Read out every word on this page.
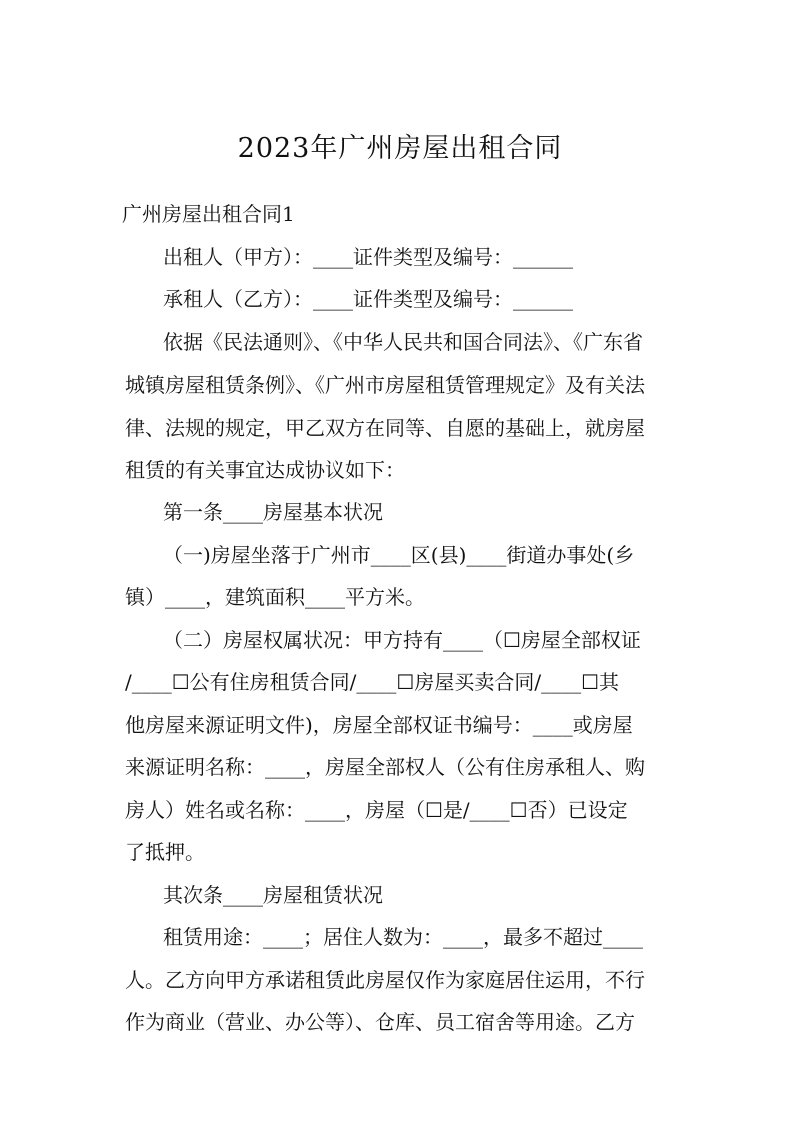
2023年广州房屋出租合同
广州房屋出租合同1
出租人（甲方）：____证件类型及编号：______
承租人（乙方）：____证件类型及编号：______
依据《民法通则》、《中华人民共和国合同法》、《广东省
城镇房屋租赁条例》、《广州市房屋租赁管理规定》及有关法
律、法规的规定，甲乙双方在同等、自愿的基础上，就房屋
租赁的有关事宜达成协议如下：
第一条____房屋基本状况
（一)房屋坐落于广州市____区(县)____街道办事处(乡
镇）____，建筑面积____平方米。
（二）房屋权属状况：甲方持有____（☐房屋全部权证
/____☐公有住房租赁合同/____☐房屋买卖合同/____☐其
他房屋来源证明文件)，房屋全部权证书编号：____或房屋
来源证明名称：____，房屋全部权人（公有住房承租人、购
房人）姓名或名称：____，房屋（☐是/____☐否）已设定
了抵押。
其次条____房屋租赁状况
租赁用途：____；居住人数为：____，最多不超过____
人。乙方向甲方承诺租赁此房屋仅作为家庭居住运用，不行
作为商业（营业、办公等）、仓库、员工宿舍等用途。乙方
